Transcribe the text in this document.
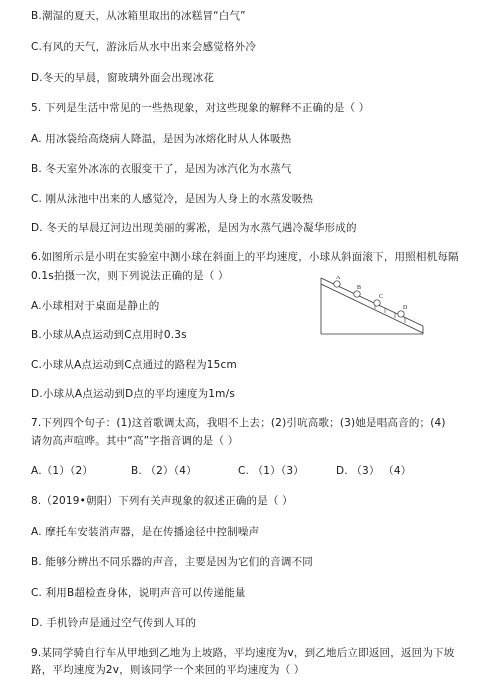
B.潮湿的夏天，从冰箱里取出的冰糕冒“白气”
C.有风的天气，游泳后从水中出来会感觉格外冷
D.冬天的早晨，窗玻璃外面会出现冰花
5. 下列是生活中常见的一些热现象，对这些现象的解释不正确的是（ ）
A. 用冰袋给高烧病人降温，是因为冰熔化时从人体吸热
B. 冬天室外冰冻的衣服变干了，是因为冰汽化为水蒸气
C. 刚从泳池中出来的人感觉冷，是因为人身上的水蒸发吸热
D. 冬天的早晨辽河边出现美丽的雾凇，是因为水蒸气遇冷凝华形成的
6.如图所示是小明在实验室中测小球在斜面上的平均速度，小球从斜面滚下，用照相机每隔
0.1s拍摄一次，则下列说法正确的是（ ）
A.小球相对于桌面是静止的
B.小球从A点运动到C点用时0.3s
C.小球从A点运动到C点通过的路程为15cm
D.小球从A点运动到D点的平均速度为1m/s
7.下列四个句子：(1)这首歌调太高，我唱不上去；(2)引吭高歌；(3)她是唱高音的；(4)
请勿高声喧哗。其中“高”字指音调的是（ ）
A.（1）（2）	B. （2）（4）	C. （1）（3）	D. （3） （4）
8.（2019•朝阳）下列有关声现象的叙述正确的是（ ）
A. 摩托车安装消声器，是在传播途径中控制噪声
B. 能够分辨出不同乐器的声音，主要是因为它们的音调不同
C. 利用B超检查身体，说明声音可以传递能量
D. 手机铃声是通过空气传到人耳的
9.某同学骑自行车从甲地到乙地为上坡路，平均速度为v，到乙地后立即返回，返回为下坡
路，平均速度为2v，则该同学一个来回的平均速度为（ ）
A
B
C
D
